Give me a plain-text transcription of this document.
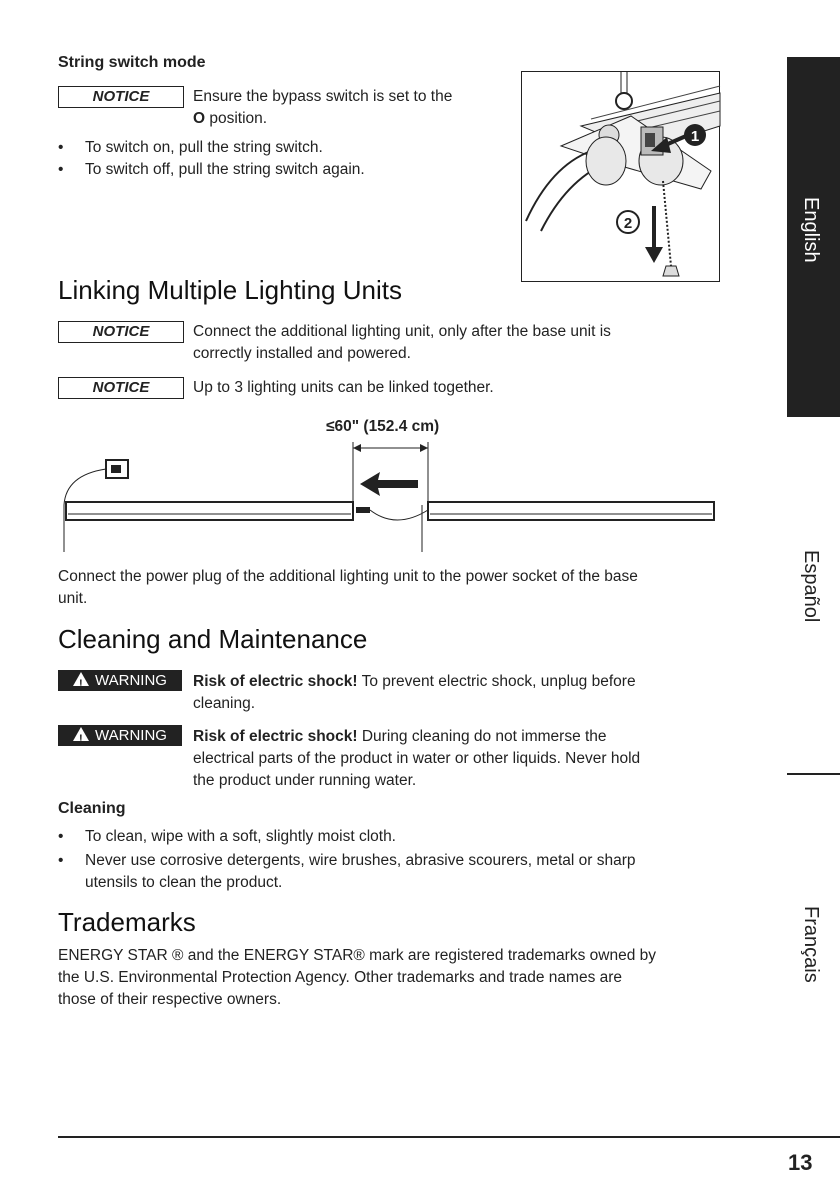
String switch mode
NOTICE	Ensure the bypass switch is set to the
O position.
• To switch on, pull the string switch.
• To switch off, pull the string switch again.
1
2
Linking Multiple Lighting Units
NOTICE	Connect the additional lighting unit, only after the base unit is
correctly installed and powered.
NOTICE	Up to 3 lighting units can be linked together.
≤60" (152.4 cm)
Connect the power plug of the additional lighting unit to the power socket of the base
unit.
Cleaning and Maintenance
! WARNING	Risk of electric shock! To prevent electric shock, unplug before
cleaning.
! WARNING	Risk of electric shock! During cleaning do not immerse the
electrical parts of the product in water or other liquids. Never hold
the product under running water.
Cleaning
• To clean, wipe with a soft, slightly moist cloth.
• Never use corrosive detergents, wire brushes, abrasive scourers, metal or sharp
utensils to clean the product.
Trademarks
ENERGY STAR ® and the ENERGY STAR® mark are registered trademarks owned by
the U.S. Environmental Protection Agency. Other trademarks and trade names are
those of their respective owners.
English
Español
Français
13
